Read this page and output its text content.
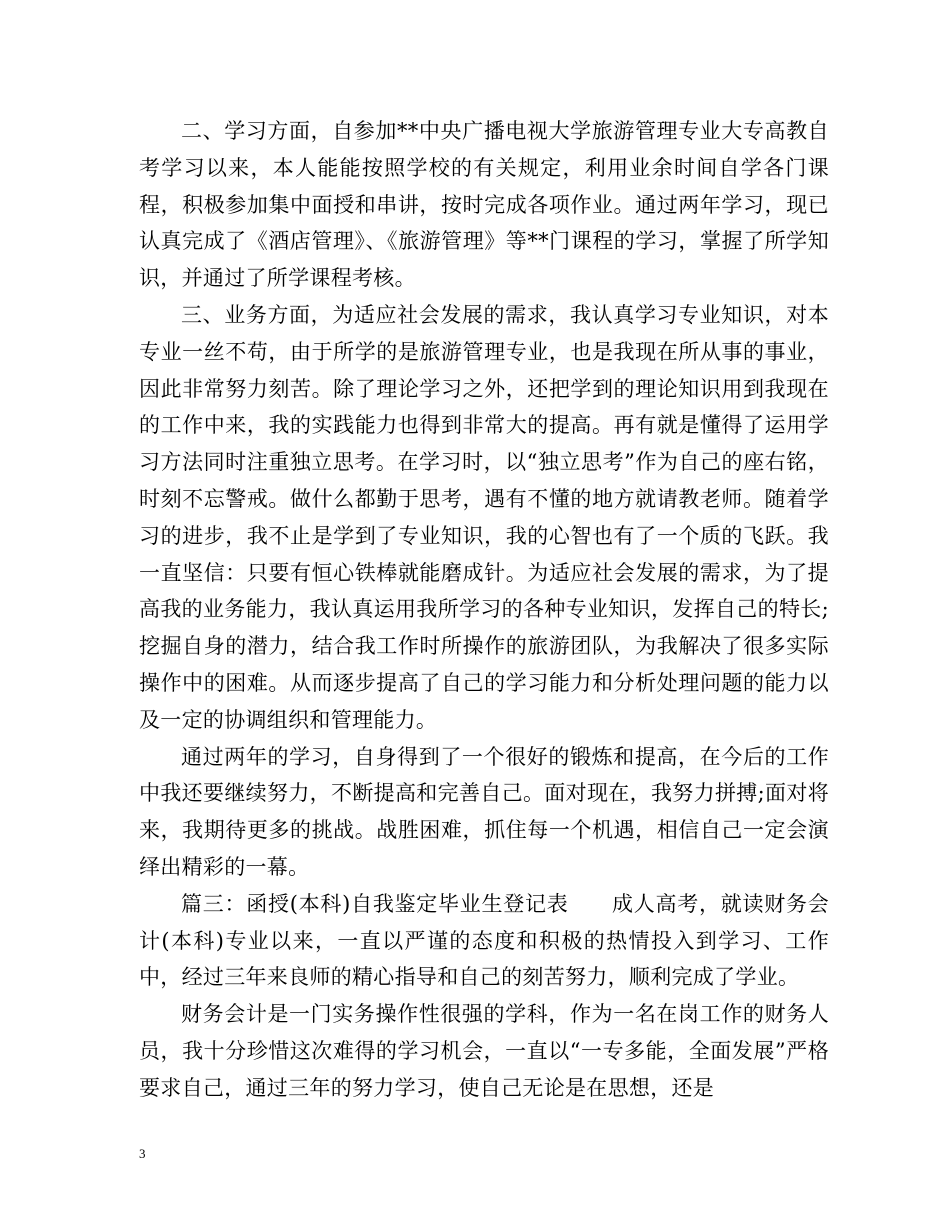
二、学习方面，自参加**中央广播电视大学旅游管理专业大专高教自考学习以来，本人能能按照学校的有关规定，利用业余时间自学各门课程，积极参加集中面授和串讲，按时完成各项作业。通过两年学习，现已认真完成了《酒店管理》、《旅游管理》等**门课程的学习，掌握了所学知识，并通过了所学课程考核。

三、业务方面，为适应社会发展的需求，我认真学习专业知识，对本专业一丝不苟，由于所学的是旅游管理专业，也是我现在所从事的事业，因此非常努力刻苦。除了理论学习之外，还把学到的理论知识用到我现在的工作中来，我的实践能力也得到非常大的提高。再有就是懂得了运用学习方法同时注重独立思考。在学习时，以“独立思考”作为自己的座右铭，时刻不忘警戒。做什么都勤于思考，遇有不懂的地方就请教老师。随着学习的进步，我不止是学到了专业知识，我的心智也有了一个质的飞跃。我一直坚信：只要有恒心铁棒就能磨成针。为适应社会发展的需求，为了提高我的业务能力，我认真运用我所学习的各种专业知识，发挥自己的特长;挖掘自身的潜力，结合我工作时所操作的旅游团队，为我解决了很多实际操作中的困难。从而逐步提高了自己的学习能力和分析处理问题的能力以及一定的协调组织和管理能力。

通过两年的学习，自身得到了一个很好的锻炼和提高，在今后的工作中我还要继续努力，不断提高和完善自己。面对现在，我努力拼搏;面对将来，我期待更多的挑战。战胜困难，抓住每一个机遇，相信自己一定会演绎出精彩的一幕。

篇三：函授(本科)自我鉴定毕业生登记表　　成人高考，就读财务会计(本科)专业以来，一直以严谨的态度和积极的热情投入到学习、工作中，经过三年来良师的精心指导和自己的刻苦努力，顺利完成了学业。

财务会计是一门实务操作性很强的学科，作为一名在岗工作的财务人员，我十分珍惜这次难得的学习机会，一直以“一专多能，全面发展”严格要求自己，通过三年的努力学习，使自己无论是在思想，还是

3
